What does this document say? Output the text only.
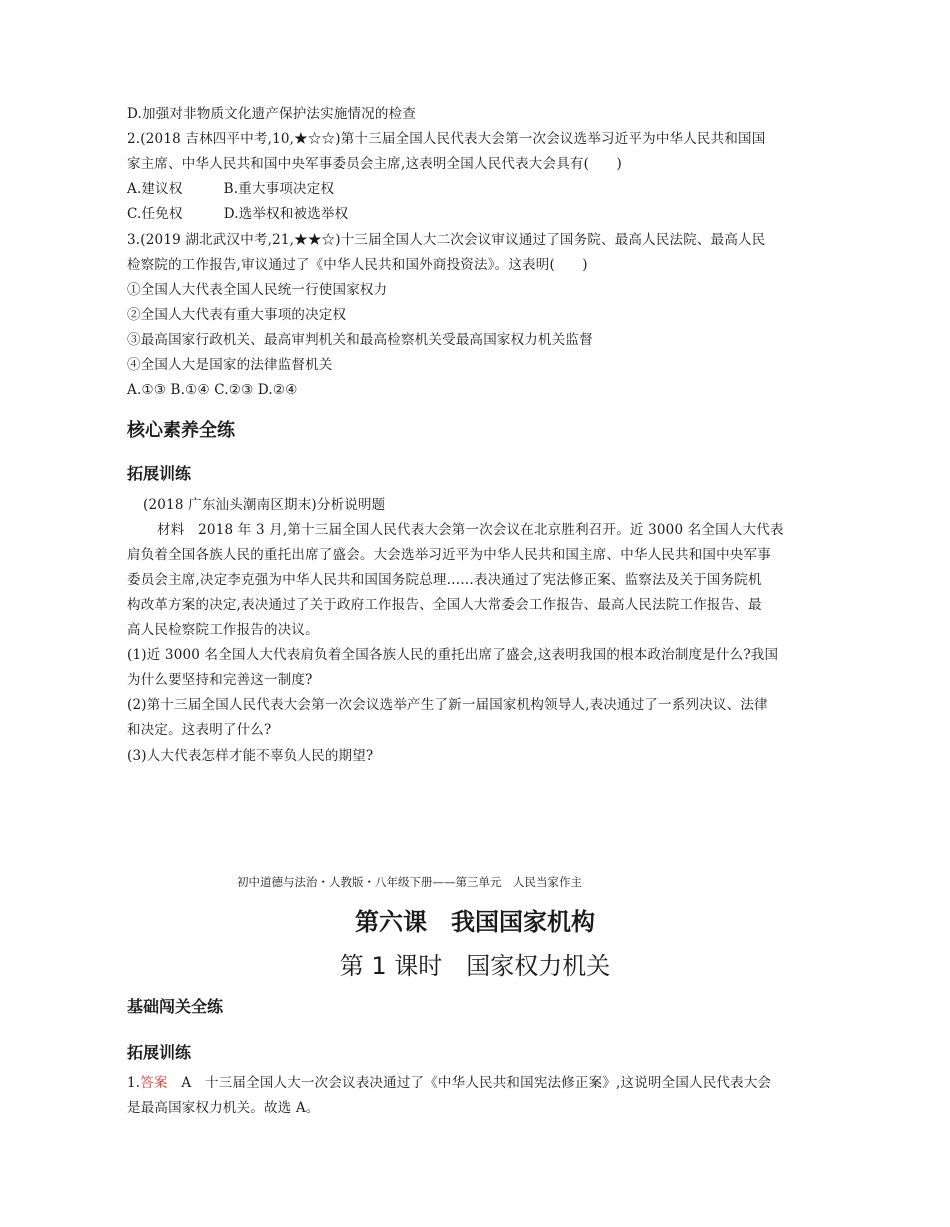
D.加强对非物质文化遗产保护法实施情况的检查
2.(2018 吉林四平中考,10,★☆☆)第十三届全国人民代表大会第一次会议选举习近平为中华人民共和国国
家主席、中华人民共和国中央军事委员会主席,这表明全国人民代表大会具有(　　)
A.建议权　　　B.重大事项决定权
C.任免权　　　D.选举权和被选举权
3.(2019 湖北武汉中考,21,★★☆)十三届全国人大二次会议审议通过了国务院、最高人民法院、最高人民
检察院的工作报告,审议通过了《中华人民共和国外商投资法》。这表明(　　)
①全国人大代表全国人民统一行使国家权力
②全国人大代表有重大事项的决定权
③最高国家行政机关、最高审判机关和最高检察机关受最高国家权力机关监督
④全国人大是国家的法律监督机关
A.①③ B.①④ C.②③ D.②④
核心素养全练
拓展训练
(2018 广东汕头潮南区期末)分析说明题
材料　2018 年 3 月,第十三届全国人民代表大会第一次会议在北京胜利召开。近 3000 名全国人大代表
肩负着全国各族人民的重托出席了盛会。大会选举习近平为中华人民共和国主席、中华人民共和国中央军事
委员会主席,决定李克强为中华人民共和国国务院总理……表决通过了宪法修正案、监察法及关于国务院机
构改革方案的决定,表决通过了关于政府工作报告、全国人大常委会工作报告、最高人民法院工作报告、最
高人民检察院工作报告的决议。
(1)近 3000 名全国人大代表肩负着全国各族人民的重托出席了盛会,这表明我国的根本政治制度是什么?我国
为什么要坚持和完善这一制度?
(2)第十三届全国人民代表大会第一次会议选举产生了新一届国家机构领导人,表决通过了一系列决议、法律
和决定。这表明了什么?
(3)人大代表怎样才能不辜负人民的期望?
初中道德与法治・人教版・八年级下册——第三单元　人民当家作主
第六课　我国国家机构
第 1 课时　国家权力机关
基础闯关全练
拓展训练
1.答案　A　十三届全国人大一次会议表决通过了《中华人民共和国宪法修正案》,这说明全国人民代表大会
是最高国家权力机关。故选 A。
